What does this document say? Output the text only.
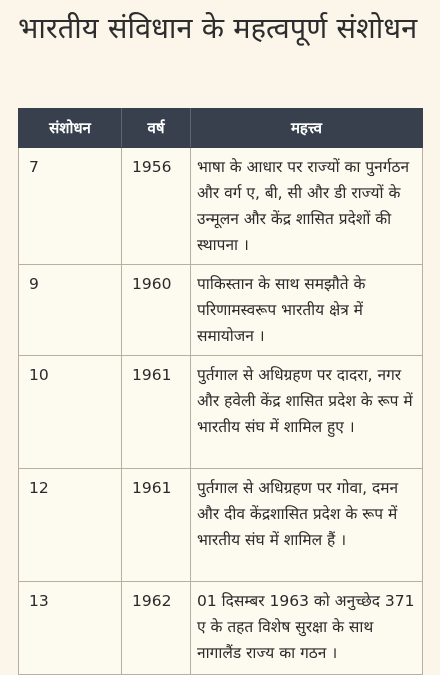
भारतीय संविधान के महत्वपूर्ण संशोधन
संशोधन	वर्ष	महत्त्व
7	1956	भाषा के आधार पर राज्यों का पुनर्गठन और वर्ग ए, बी, सी और डी राज्यों के उन्मूलन और केंद्र शासित प्रदेशों की स्थापना ।
9	1960	पाकिस्तान के साथ समझौते के परिणामस्वरूप भारतीय क्षेत्र में समायोजन ।
10	1961	पुर्तगाल से अधिग्रहण पर दादरा, नगर और हवेली केंद्र शासित प्रदेश के रूप में भारतीय संघ में शामिल हुए ।
12	1961	पुर्तगाल से अधिग्रहण पर गोवा, दमन और दीव केंद्रशासित प्रदेश के रूप में भारतीय संघ में शामिल हैं ।
13	1962	01 दिसम्बर 1963 को अनुच्छेद 371 ए के तहत विशेष सुरक्षा के साथ नागालैंड राज्य का गठन ।
